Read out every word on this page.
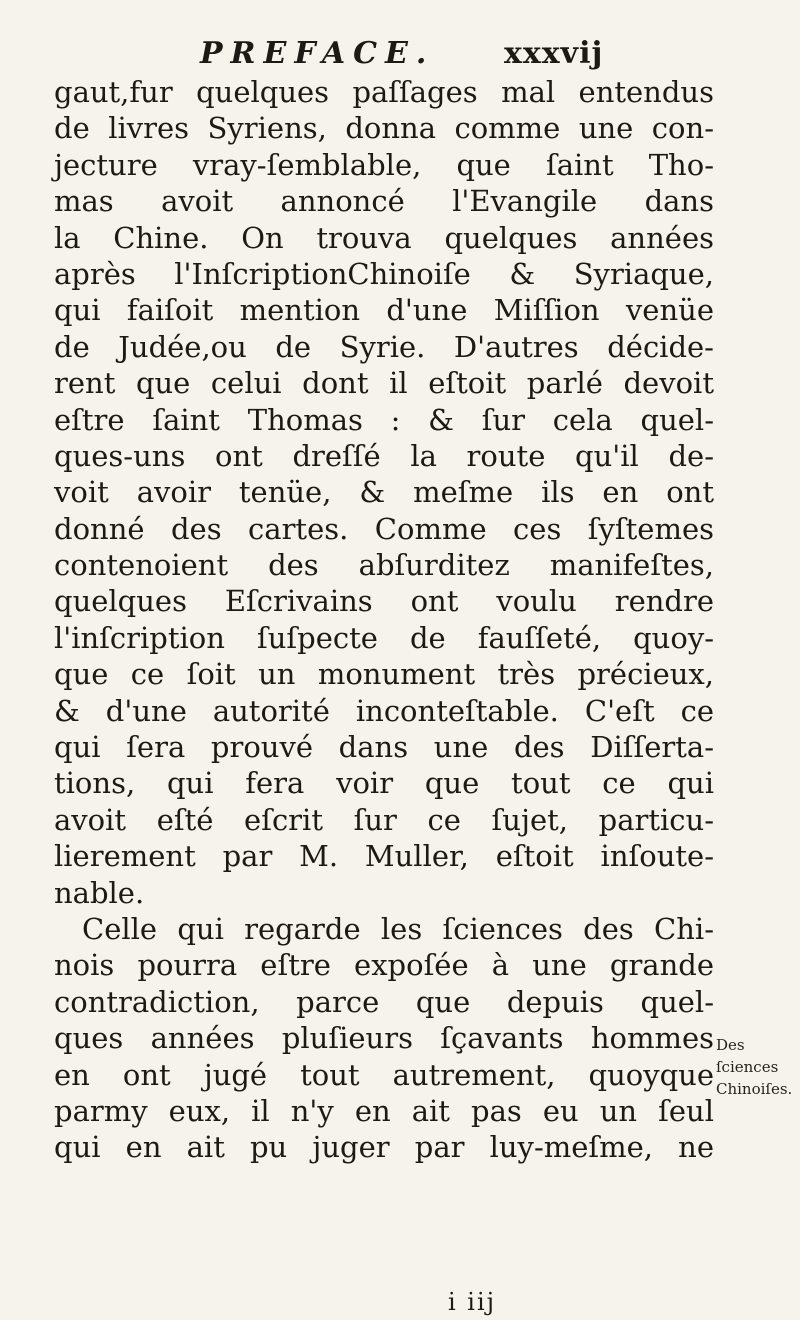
PREFACE. xxxvij
gaut,fur quelques paſſages mal entendus
de livres Syriens, donna comme une con-
jecture vray-ſemblable, que ſaint Tho-
mas avoit annoncé l'Evangile dans
la Chine. On trouva quelques années
après l'InſcriptionChinoiſe & Syriaque,
qui faiſoit mention d'une Miſſion venüe
de Judée,ou de Syrie. D'autres décide-
rent que celui dont il eſtoit parlé devoit
eſtre ſaint Thomas : & ſur cela quel-
ques-uns ont dreſſé la route qu'il de-
voit avoir tenüe, & meſme ils en ont
donné des cartes. Comme ces ſyſtemes
contenoient des abſurditez manifeſtes,
quelques Eſcrivains ont voulu rendre
l'inſcription ſuſpecte de fauſſeté, quoy-
que ce ſoit un monument très précieux,
& d'une autorité inconteſtable. C'eſt ce
qui ſera prouvé dans une des Diſſerta-
tions, qui fera voir que tout ce qui
avoit eſté eſcrit ſur ce ſujet, particu-
lierement par M. Muller, eſtoit inſoute-
nable.
Celle qui regarde les ſciences des Chi-
nois pourra eſtre expoſée à une grande
contradiction, parce que depuis quel-
ques années pluſieurs ſçavants hommes
en ont jugé tout autrement, quoyque
parmy eux, il n'y en ait pas eu un ſeul
qui en ait pu juger par luy-meſme, ne
Des ſciences
Chinoiſes.
i iij
